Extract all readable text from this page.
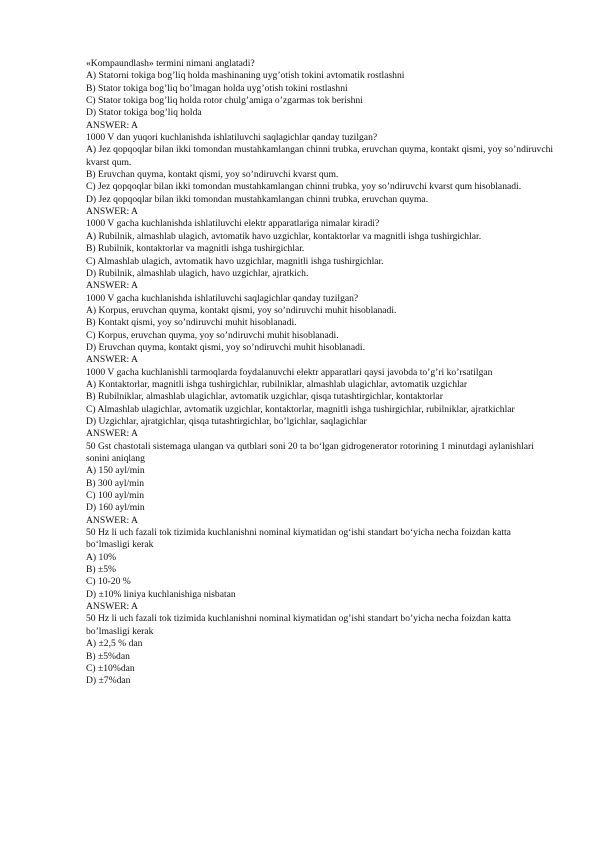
«Kompaundlash» termini nimani anglatadi?
A) Statorni tokiga bog’liq holda mashinaning uyg’otish tokini avtomatik rostlashni
B) Stator tokiga bog’liq bo’lmagan holda uyg’otish tokini rostlashni
C) Stator tokiga bog’liq holda rotor chulg’amiga o’zgarmas tok berishni
D) Stator tokiga bog’liq holda
ANSWER: A
1000 V dan yuqori kuchlanishda ishlatiluvchi saqlagichlar qanday tuzilgan?
A) Jez qopqoqlar bilan ikki tomondan mustahkamlangan chinni trubka, eruvchan quyma, kontakt qismi, yoy so’ndiruvchi kvarst qum.
B) Eruvchan quyma, kontakt qismi, yoy so’ndiruvchi kvarst qum.
C) Jez qopqoqlar bilan ikki tomondan mustahkamlangan chinni trubka, yoy so’ndiruvchi kvarst qum hisoblanadi.
D) Jez qopqoqlar bilan ikki tomondan mustahkamlangan chinni trubka, eruvchan quyma.
ANSWER: A
1000 V gacha kuchlanishda ishlatiluvchi elektr apparatlariga nimalar kiradi?
A) Rubilnik, almashlab ulagich, avtomatik havo uzgichlar, kontaktorlar va magnitli ishga tushirgichlar.
B) Rubilnik, kontaktorlar va magnitli ishga tushirgichlar.
C) Almashlab ulagich, avtomatik havo uzgichlar, magnitli ishga tushirgichlar.
D) Rubilnik, almashlab ulagich, havo uzgichlar, ajratkich.
ANSWER: A
1000 V gacha kuchlanishda ishlatiluvchi saqlagichlar qanday tuzilgan?
A) Korpus, eruvchan quyma, kontakt qismi, yoy so’ndiruvchi muhit hisoblanadi.
B) Kontakt qismi, yoy so’ndiruvchi muhit hisoblanadi.
C) Korpus, eruvchan quyma, yoy so’ndiruvchi muhit hisoblanadi.
D) Eruvchan quyma, kontakt qismi, yoy so’ndiruvchi muhit hisoblanadi.
ANSWER: A
1000 V gacha kuchlanishli tarmoqlarda foydalanuvchi elektr apparatlari qaysi javobda to’g’ri ko’rsatilgan
A) Kontaktorlar, magnitli ishga tushirgichlar, rubilniklar, almashlab ulagichlar, avtomatik uzgichlar
B) Rubilniklar, almashlab ulagichlar, avtomatik uzgichlar, qisqa tutashtirgichlar, kontaktorlar
C) Almashlab ulagichlar, avtomatik uzgichlar, kontaktorlar, magnitli ishga tushirgichlar, rubilniklar, ajratkichlar
D) Uzgichlar, ajratgichlar, qisqa tutashtirgichlar, bo’lgichlar, saqlagichlar
ANSWER: A
50 Gst chastotali sistemaga ulangan va qutblari soni 20 ta bo‘lgan gidrogenerator rotorining 1 minutdagi aylanishlari sonini aniqlang
A) 150 ayl/min
B) 300 ayl/min
C) 100 ayl/min
D) 160 ayl/min
ANSWER: A
50 Hz li uch fazali tok tizimida kuchlanishni nominal kiymatidan og‘ishi standart bo‘yicha necha foizdan katta bo‘lmasligi kerak
A) 10%
B) ±5%
C) 10-20 %
D) ±10% liniya kuchlanishiga nisbatan
ANSWER: A
50 Hz li uch fazali tok tizimida kuchlanishni nominal kiymatidan og’ishi standart bo’yicha necha foizdan katta bo’lmasligi kerak
A) ±2,5 % dan
B) ±5%dan
C) ±10%dan
D) ±7%dan
